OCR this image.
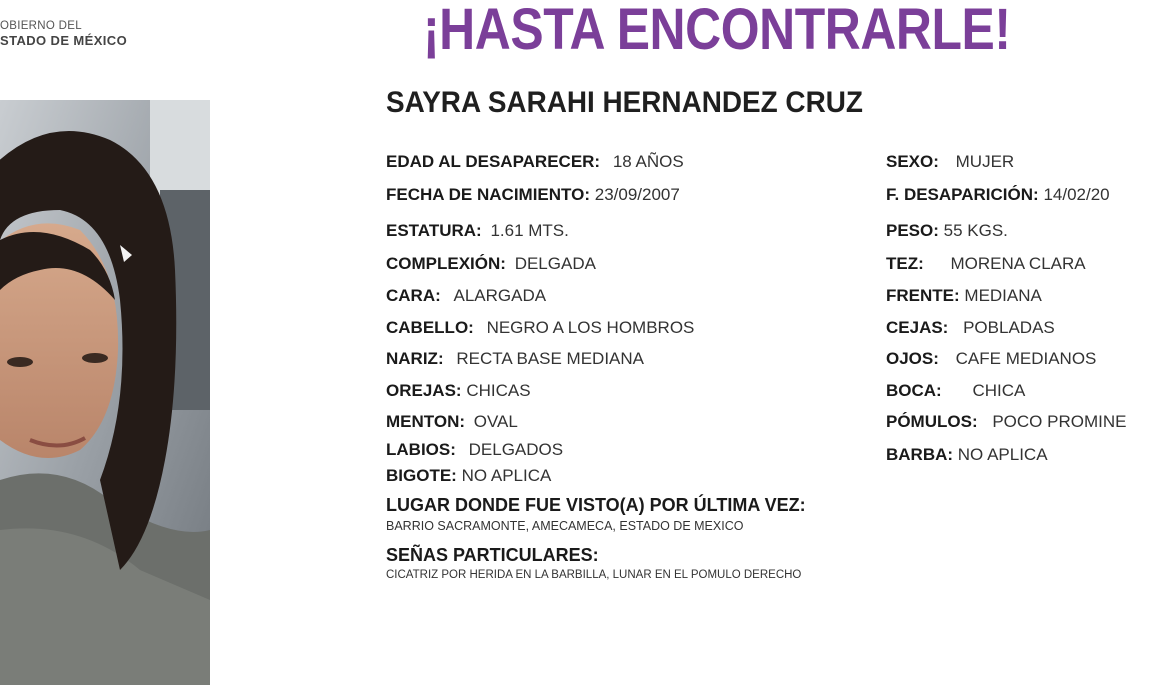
OBIERNO DEL
STADO DE MÉXICO	¡HASTA ENCONTRARLE!
SAYRA SARAHI HERNANDEZ CRUZ
EDAD AL DESAPARECER: 18 AÑOS
FECHA DE NACIMIENTO: 23/09/2007
ESTATURA: 1.61 MTS.
COMPLEXIÓN: DELGADA
CARA: ALARGADA
CABELLO: NEGRO A LOS HOMBROS
NARIZ: RECTA BASE MEDIANA
OREJAS: CHICAS
MENTON: OVAL
LABIOS: DELGADOS
BIGOTE: NO APLICA
SEXO: MUJER
F. DESAPARICIÓN: 14/02/20
PESO: 55 KGS.
TEZ: MORENA CLARA
FRENTE: MEDIANA
CEJAS: POBLADAS
OJOS: CAFE MEDIANOS
BOCA: CHICA
PÓMULOS: POCO PROMINE
BARBA: NO APLICA
LUGAR DONDE FUE VISTO(A) POR ÚLTIMA VEZ:
BARRIO SACRAMONTE, AMECAMECA, ESTADO DE MEXICO
SEÑAS PARTICULARES:
CICATRIZ POR HERIDA EN LA BARBILLA, LUNAR EN EL POMULO DERECHO
